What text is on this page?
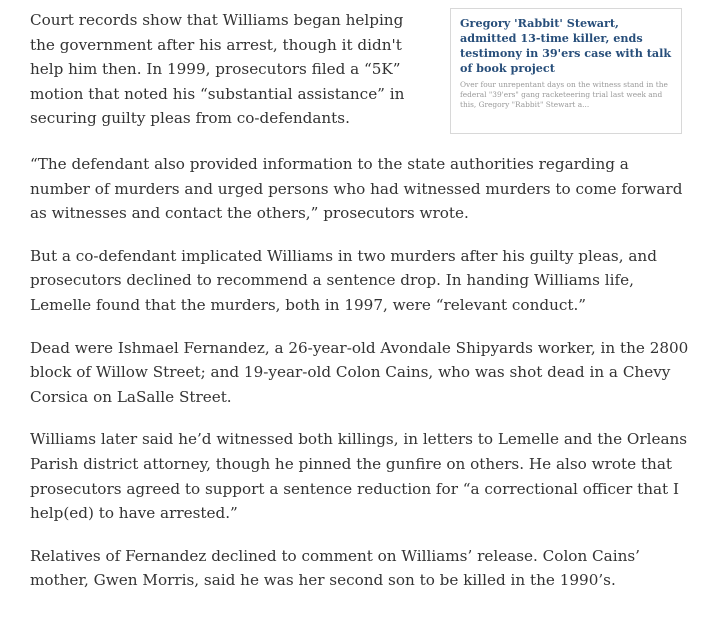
Court records show that Williams began helping the government after his arrest, though it didn't help him then. In 1999, prosecutors filed a “5K” motion that noted his “substantial assistance” in securing guilty pleas from co-defendants.

Gregory 'Rabbit' Stewart, admitted 13-time killer, ends testimony in 39'ers case with talk of book project

Over four unrepentant days on the witness stand in the federal "39'ers" gang racketeering trial last week and this, Gregory "Rabbit" Stewart a...

“The defendant also provided information to the state authorities regarding a number of murders and urged persons who had witnessed murders to come forward as witnesses and contact the others,” prosecutors wrote.

But a co-defendant implicated Williams in two murders after his guilty pleas, and prosecutors declined to recommend a sentence drop. In handing Williams life, Lemelle found that the murders, both in 1997, were “relevant conduct.”

Dead were Ishmael Fernandez, a 26-year-old Avondale Shipyards worker, in the 2800 block of Willow Street; and 19-year-old Colon Cains, who was shot dead in a Chevy Corsica on LaSalle Street.

Williams later said he’d witnessed both killings, in letters to Lemelle and the Orleans Parish district attorney, though he pinned the gunfire on others. He also wrote that prosecutors agreed to support a sentence reduction for “a correctional officer that I help(ed) to have arrested.”

Relatives of Fernandez declined to comment on Williams’ release. Colon Cains’ mother, Gwen Morris, said he was her second son to be killed in the 1990’s.
